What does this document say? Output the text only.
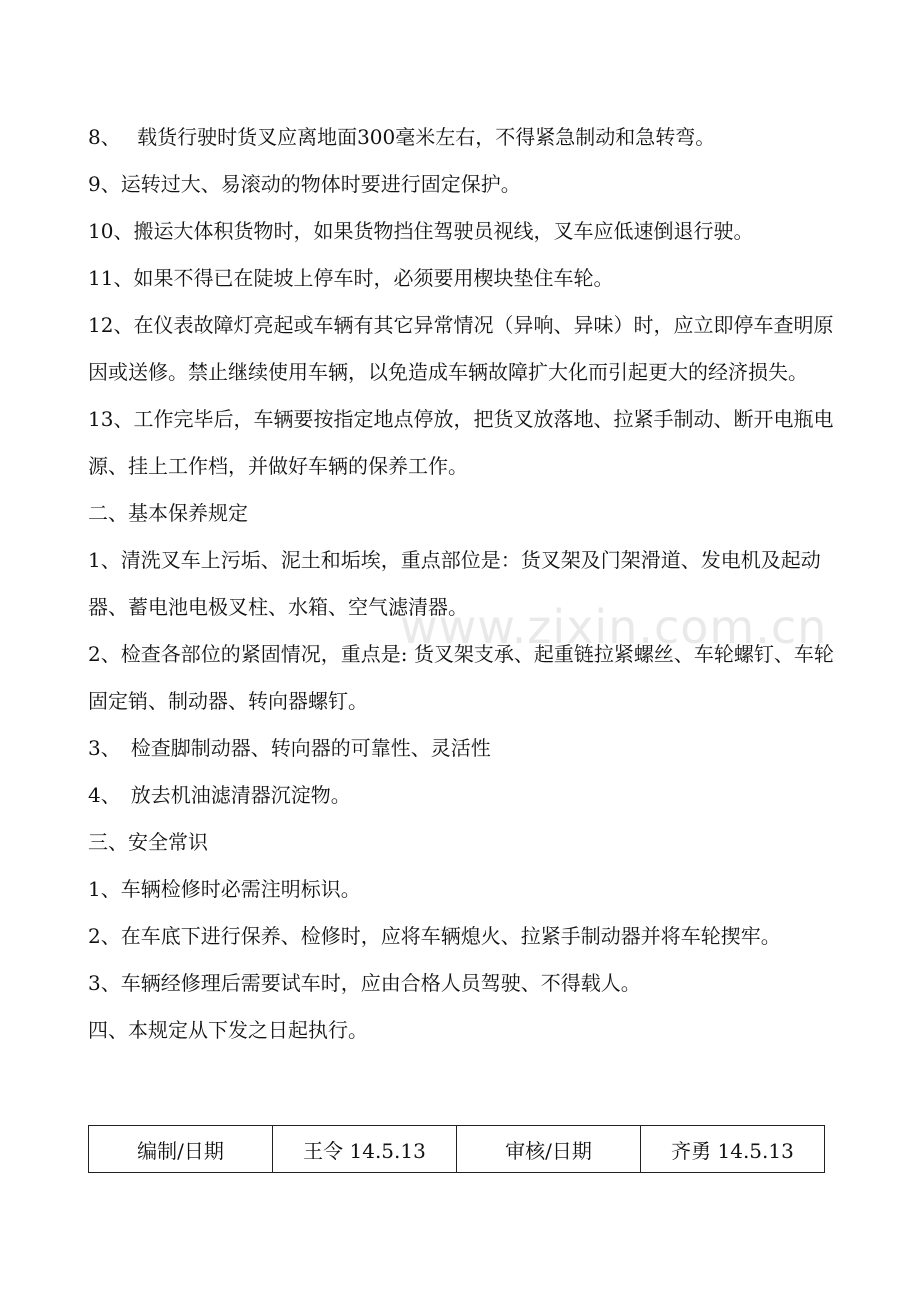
8、　 载货行驶时货叉应离地面300毫米左右，不得紧急制动和急转弯。

9、运转过大、易滚动的物体时要进行固定保护。

10、搬运大体积货物时，如果货物挡住驾驶员视线，叉车应低速倒退行驶。

11、如果不得已在陡坡上停车时，必须要用楔块垫住车轮。

12、在仪表故障灯亮起或车辆有其它异常情况（异响、异味）时，应立即停车查明原因或送修。禁止继续使用车辆，以免造成车辆故障扩大化而引起更大的经济损失。

13、工作完毕后，车辆要按指定地点停放，把货叉放落地、拉紧手制动、断开电瓶电源、挂上工作档，并做好车辆的保养工作。

二、基本保养规定

1、清洗叉车上污垢、泥土和垢埃，重点部位是：货叉架及门架滑道、发电机及起动器、蓄电池电极叉柱、水箱、空气滤清器。

2、检查各部位的紧固情况，重点是: 货叉架支承、起重链拉紧螺丝、车轮螺钉、车轮固定销、制动器、转向器螺钉。

3、　检查脚制动器、转向器的可靠性、灵活性

4、　放去机油滤清器沉淀物。

三、安全常识

1、车辆检修时必需注明标识。

2、在车底下进行保养、检修时，应将车辆熄火、拉紧手制动器并将车轮揳牢。

3、车辆经修理后需要试车时，应由合格人员驾驶、不得载人。

四、本规定从下发之日起执行。

www.zixin.com.cn
编制/日期	王令 14.5.13	审核/日期	齐勇 14.5.13
